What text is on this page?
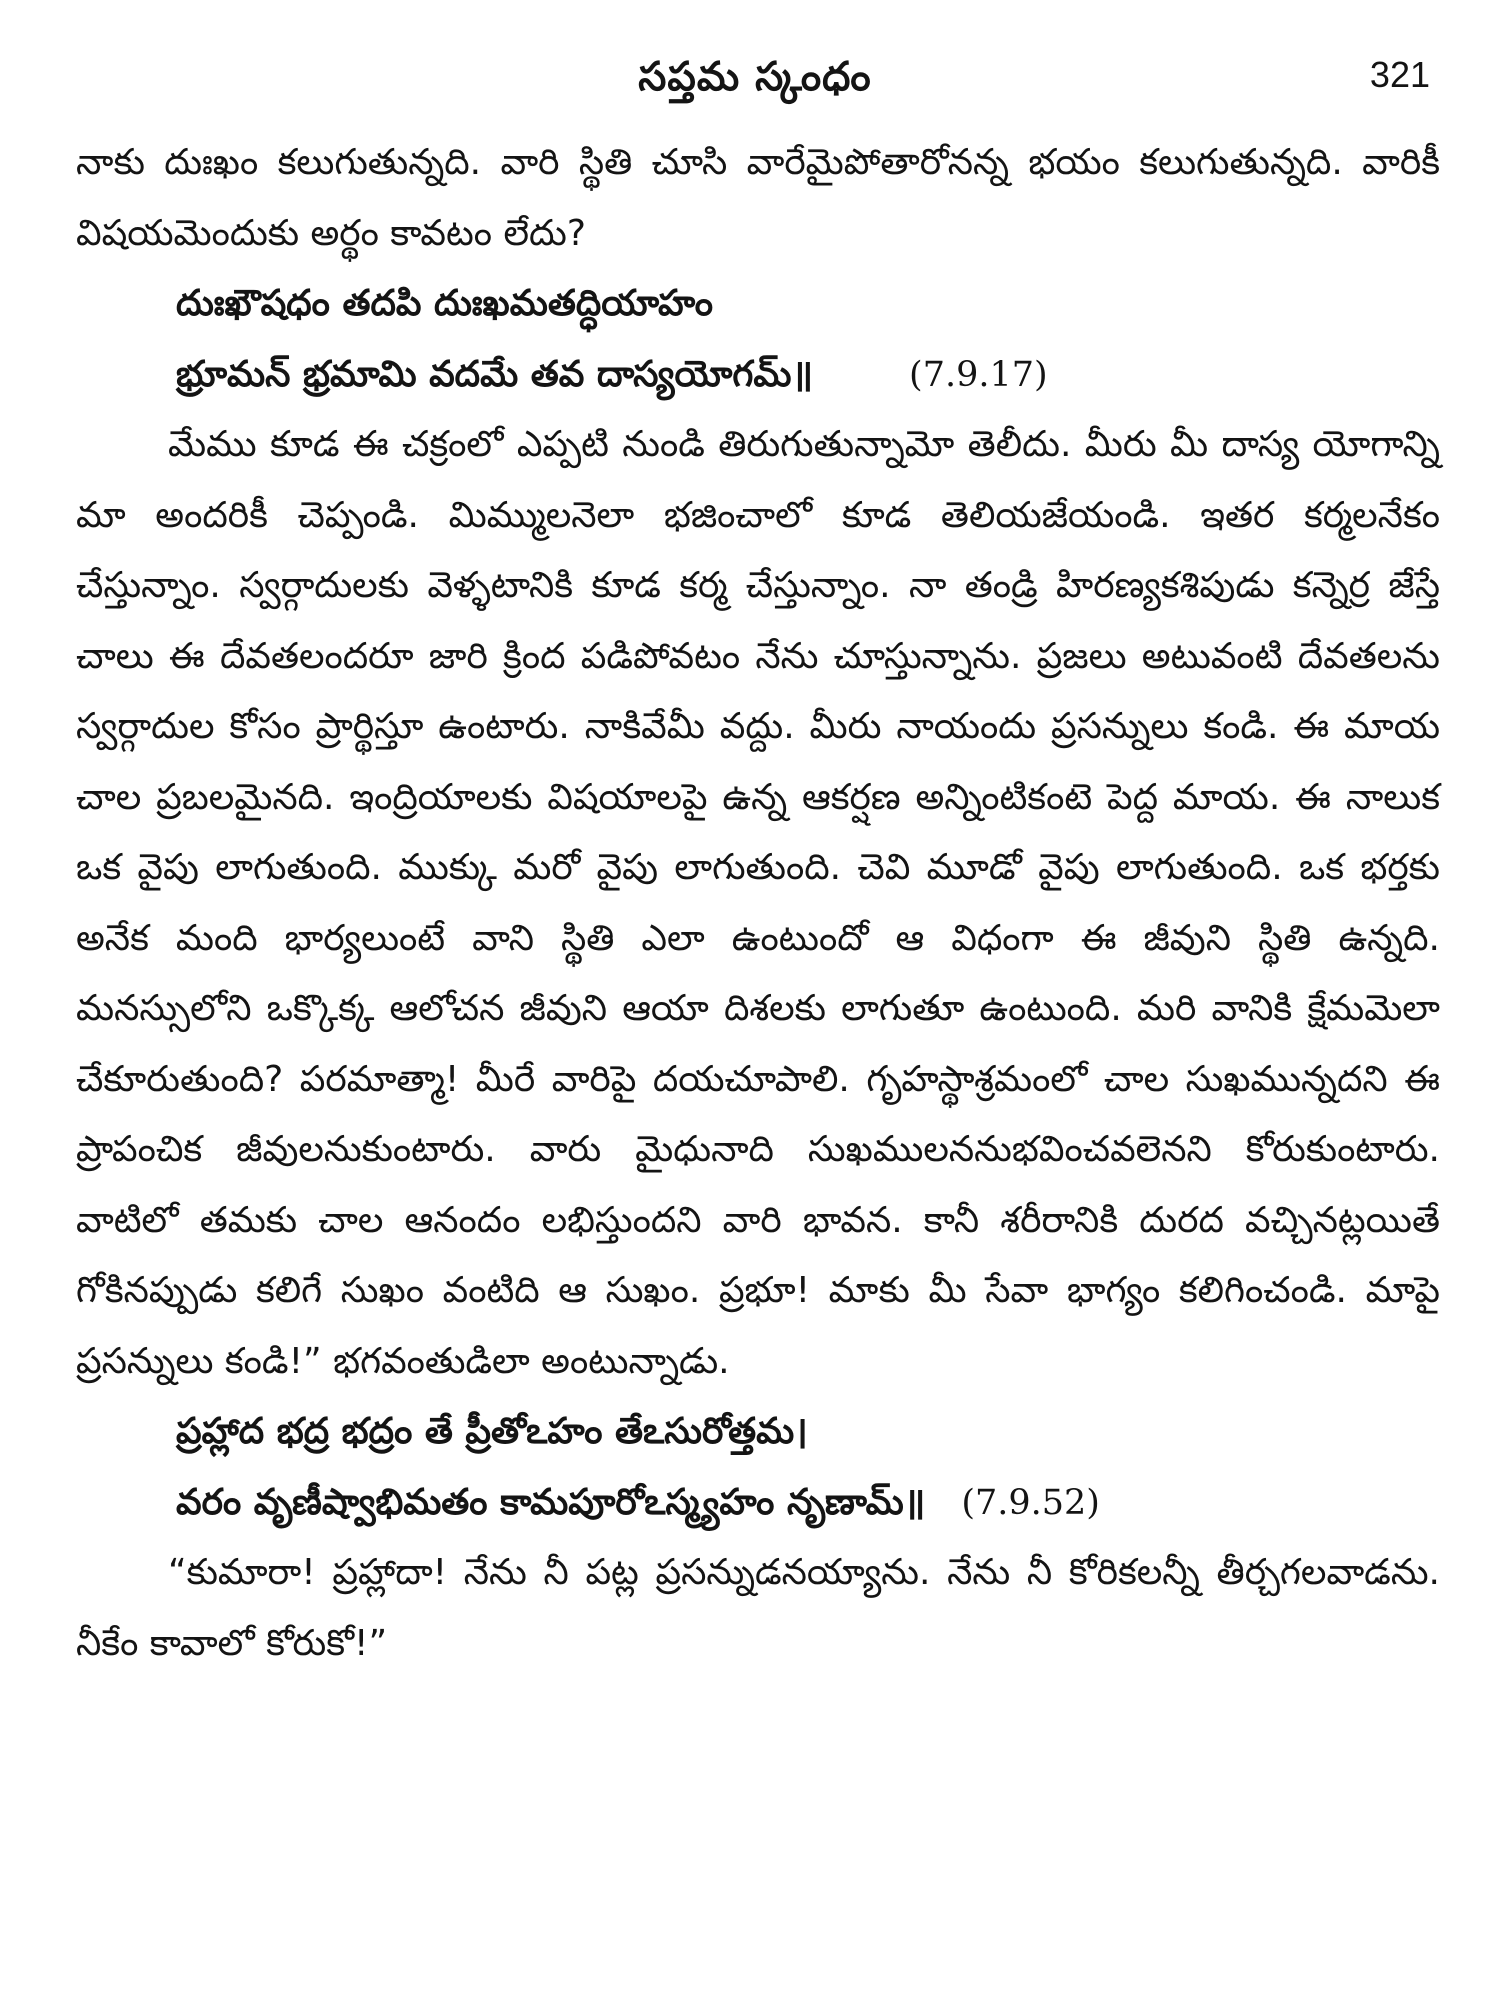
సప్తమ స్కంధం	321

నాకు దుఃఖం కలుగుతున్నది. వారి స్థితి చూసి వారేమైపోతారోనన్న భయం కలుగుతున్నది. వారికీ విషయమెందుకు అర్థం కావటం లేదు?

దుఃఖౌషధం తదపి దుఃఖమతద్ధియాహం

భ్రూమన్ భ్రమామి వదమే తవ దాస్యయోగమ్॥	(7.9.17)

మేము కూడ ఈ చక్రంలో ఎప్పటి నుండి తిరుగుతున్నామో తెలీదు. మీరు మీ దాస్య యోగాన్ని మా అందరికీ చెప్పండి. మిమ్ములనెలా భజించాలో కూడ తెలియజేయండి. ఇతర కర్మలనేకం చేస్తున్నాం. స్వర్గాదులకు వెళ్ళటానికి కూడ కర్మ చేస్తున్నాం. నా తండ్రి హిరణ్యకశిపుడు కన్నెర్ర జేస్తే చాలు ఈ దేవతలందరూ జారి క్రింద పడిపోవటం నేను చూస్తున్నాను. ప్రజలు అటువంటి దేవతలను స్వర్గాదుల కోసం ప్రార్థిస్తూ ఉంటారు. నాకివేమీ వద్దు. మీరు నాయందు ప్రసన్నులు కండి. ఈ మాయ చాల ప్రబలమైనది. ఇంద్రియాలకు విషయాలపై ఉన్న ఆకర్షణ అన్నింటికంటె పెద్ద మాయ. ఈ నాలుక ఒక వైపు లాగుతుంది. ముక్కు మరో వైపు లాగుతుంది. చెవి మూడో వైపు లాగుతుంది. ఒక భర్తకు అనేక మంది భార్యలుంటే వాని స్థితి ఎలా ఉంటుందో ఆ విధంగా ఈ జీవుని స్థితి ఉన్నది. మనస్సులోని ఒక్కొక్క ఆలోచన జీవుని ఆయా దిశలకు లాగుతూ ఉంటుంది. మరి వానికి క్షేమమెలా చేకూరుతుంది? పరమాత్మా! మీరే వారిపై దయచూపాలి. గృహస్థాశ్రమంలో చాల సుఖమున్నదని ఈ ప్రాపంచిక జీవులనుకుంటారు. వారు మైధునాది సుఖములననుభవించవలెనని కోరుకుంటారు. వాటిలో తమకు చాల ఆనందం లభిస్తుందని వారి భావన. కానీ శరీరానికి దురద వచ్చినట్లయితే గోకినప్పుడు కలిగే సుఖం వంటిది ఆ సుఖం. ప్రభూ! మాకు మీ సేవా భాగ్యం కలిగించండి. మాపై ప్రసన్నులు కండి!” భగవంతుడిలా అంటున్నాడు.

ప్రహ్లాద భద్ర భద్రం తే ప్రీతోఽహం తేఽసురోత్తమ।

వరం వృణీష్వాభిమతం కామపూరోఽస్మ్యహం నృణామ్॥ (7.9.52)

“కుమారా! ప్రహ్లాదా! నేను నీ పట్ల ప్రసన్నుడనయ్యాను. నేను నీ కోరికలన్నీ తీర్చగలవాడను. నీకేం కావాలో కోరుకో!”
